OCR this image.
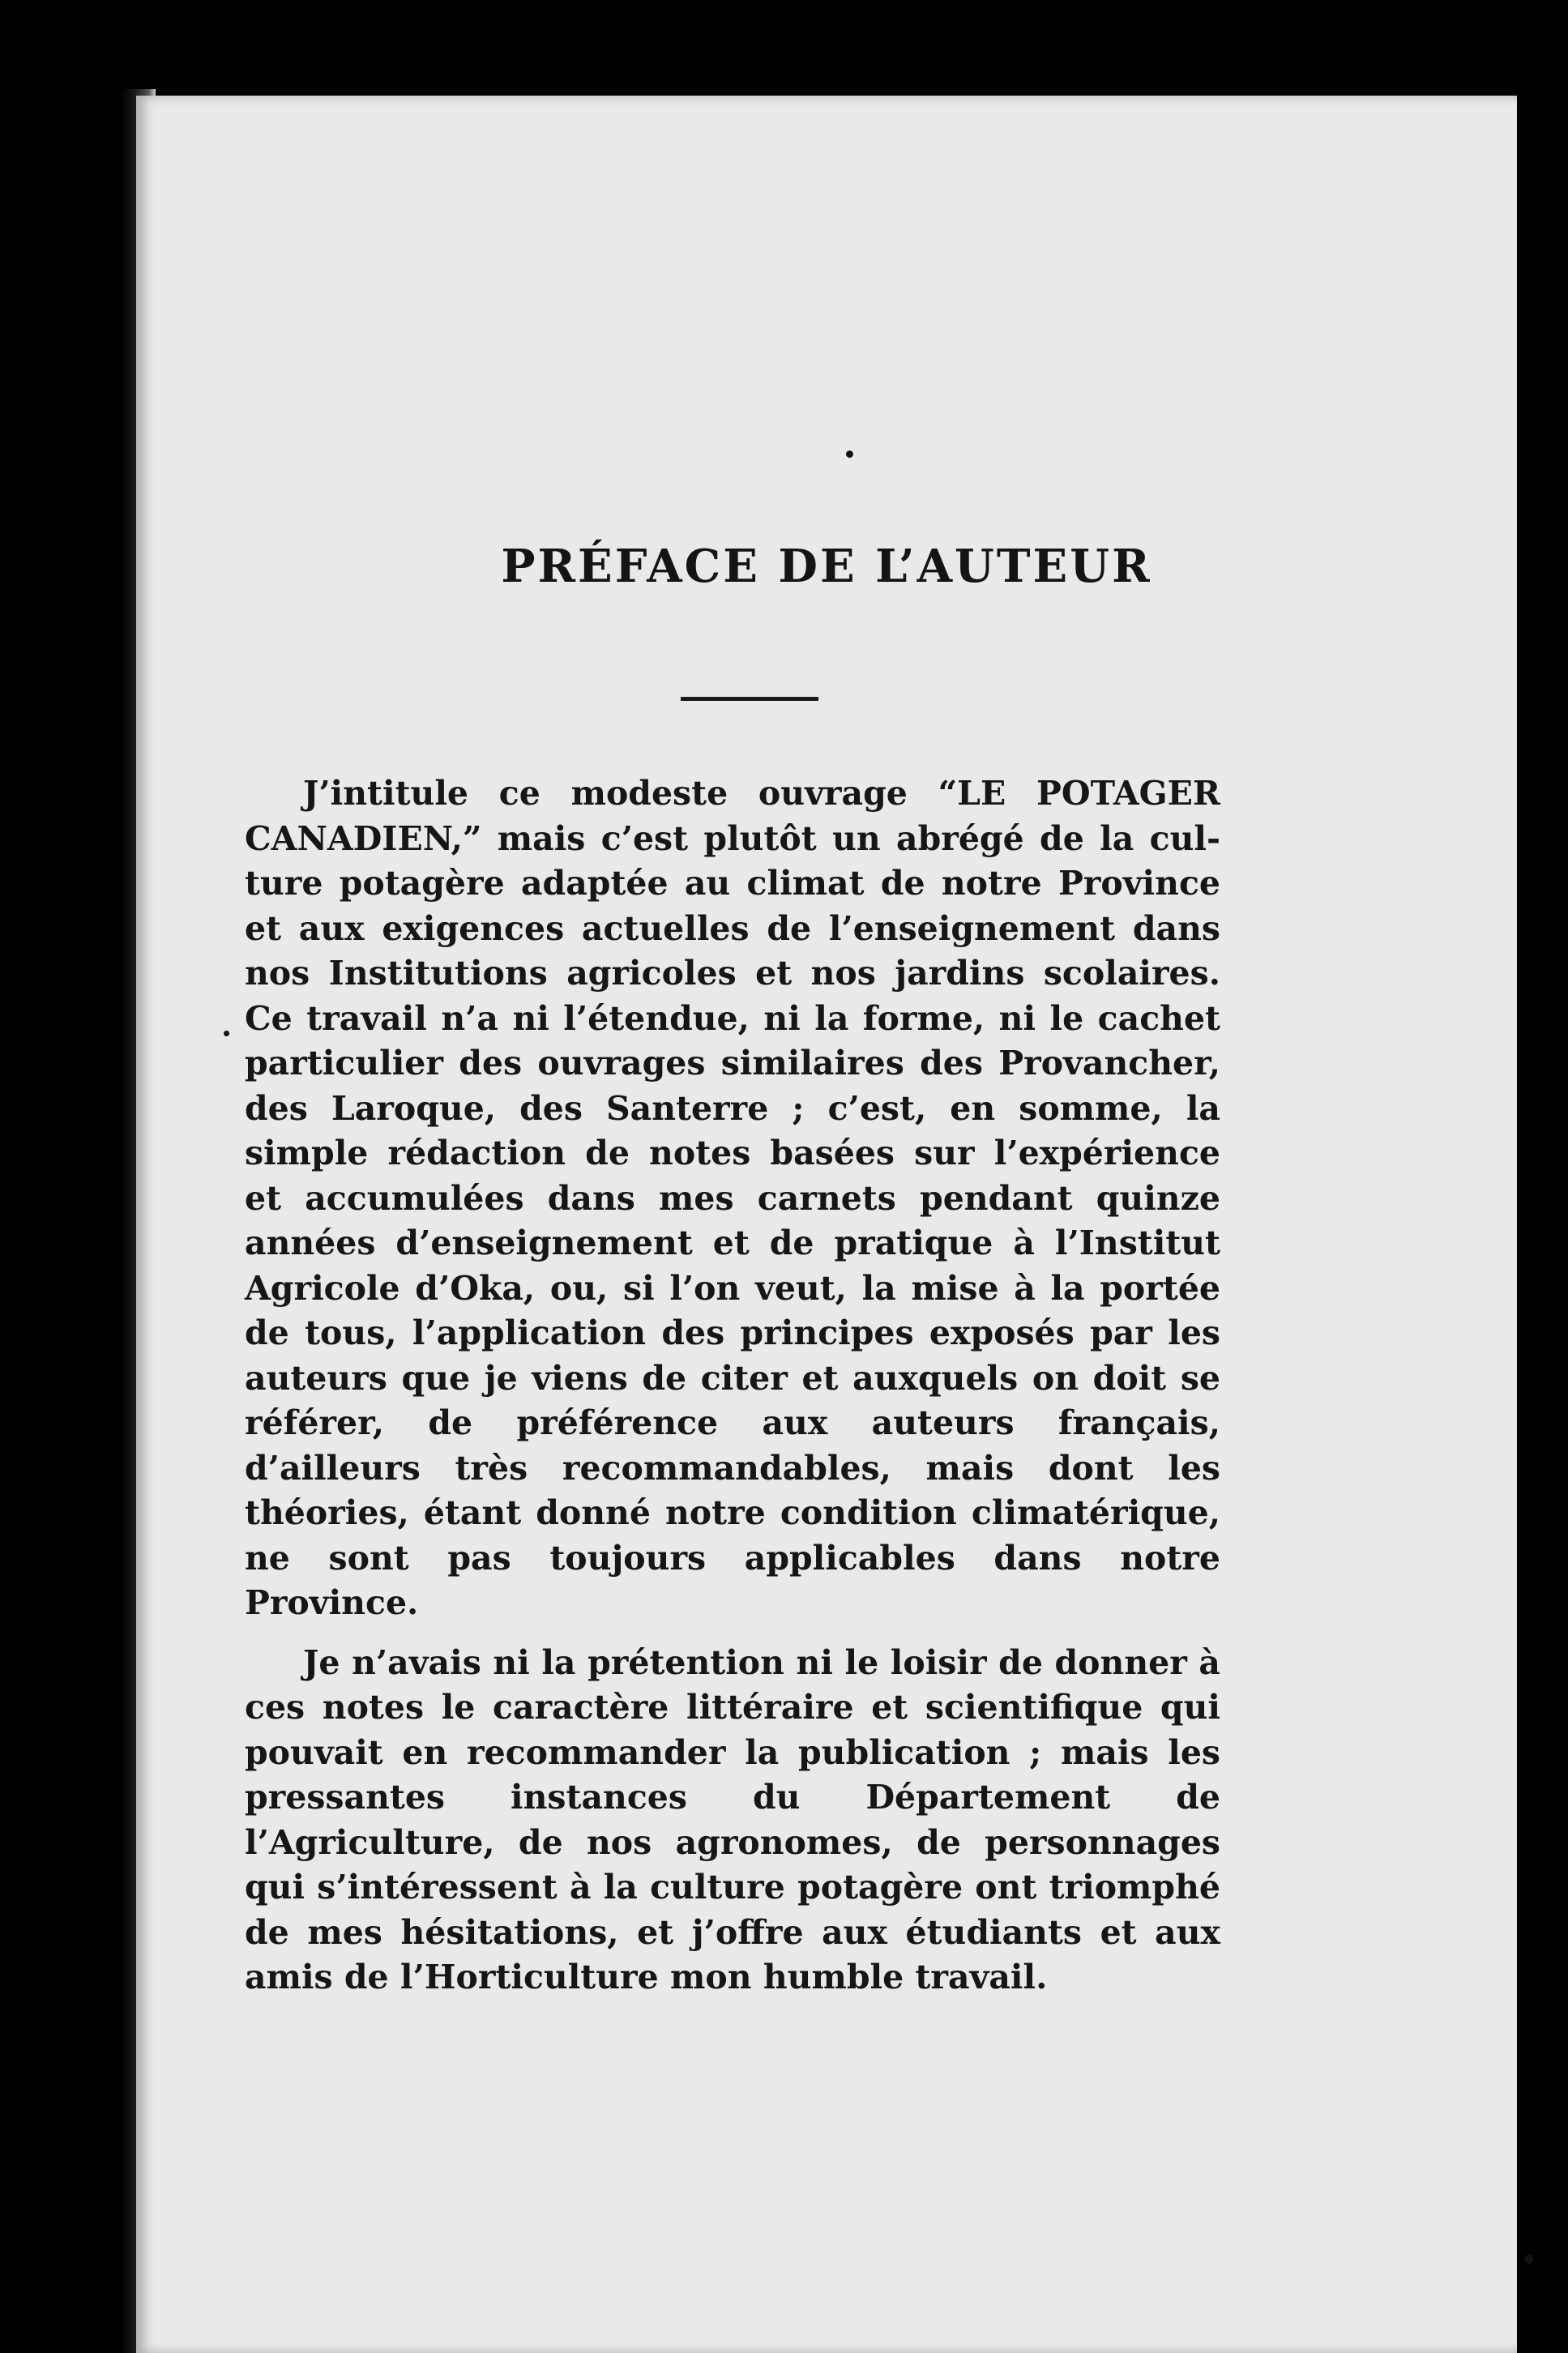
PRÉFACE DE L’AUTEUR

J’intitule ce modeste ouvrage “LE POTAGER CANADIEN,” mais c’est plutôt un abrégé de la culture potagère adaptée au climat de notre Province et aux exigences actuelles de l’enseignement dans nos Institutions agricoles et nos jardins scolaires. Ce travail n’a ni l’étendue, ni la forme, ni le cachet particulier des ouvrages similaires des Provancher, des Laroque, des Santerre ; c’est, en somme, la simple rédaction de notes basées sur l’expérience et accumulées dans mes carnets pendant quinze années d’enseignement et de pratique à l’Institut Agricole d’Oka, ou, si l’on veut, la mise à la portée de tous, l’application des principes exposés par les auteurs que je viens de citer et auxquels on doit se référer, de préférence aux auteurs français, d’ailleurs très recommandables, mais dont les théories, étant donné notre condition climatérique, ne sont pas toujours applicables dans notre Province.

Je n’avais ni la prétention ni le loisir de donner à ces notes le caractère littéraire et scientifique qui pouvait en recommander la publication ; mais les pressantes instances du Département de l’Agriculture, de nos agronomes, de personnages qui s’intéressent à la culture potagère ont triomphé de mes hésitations, et j’offre aux étudiants et aux amis de l’Horticulture mon humble travail.
